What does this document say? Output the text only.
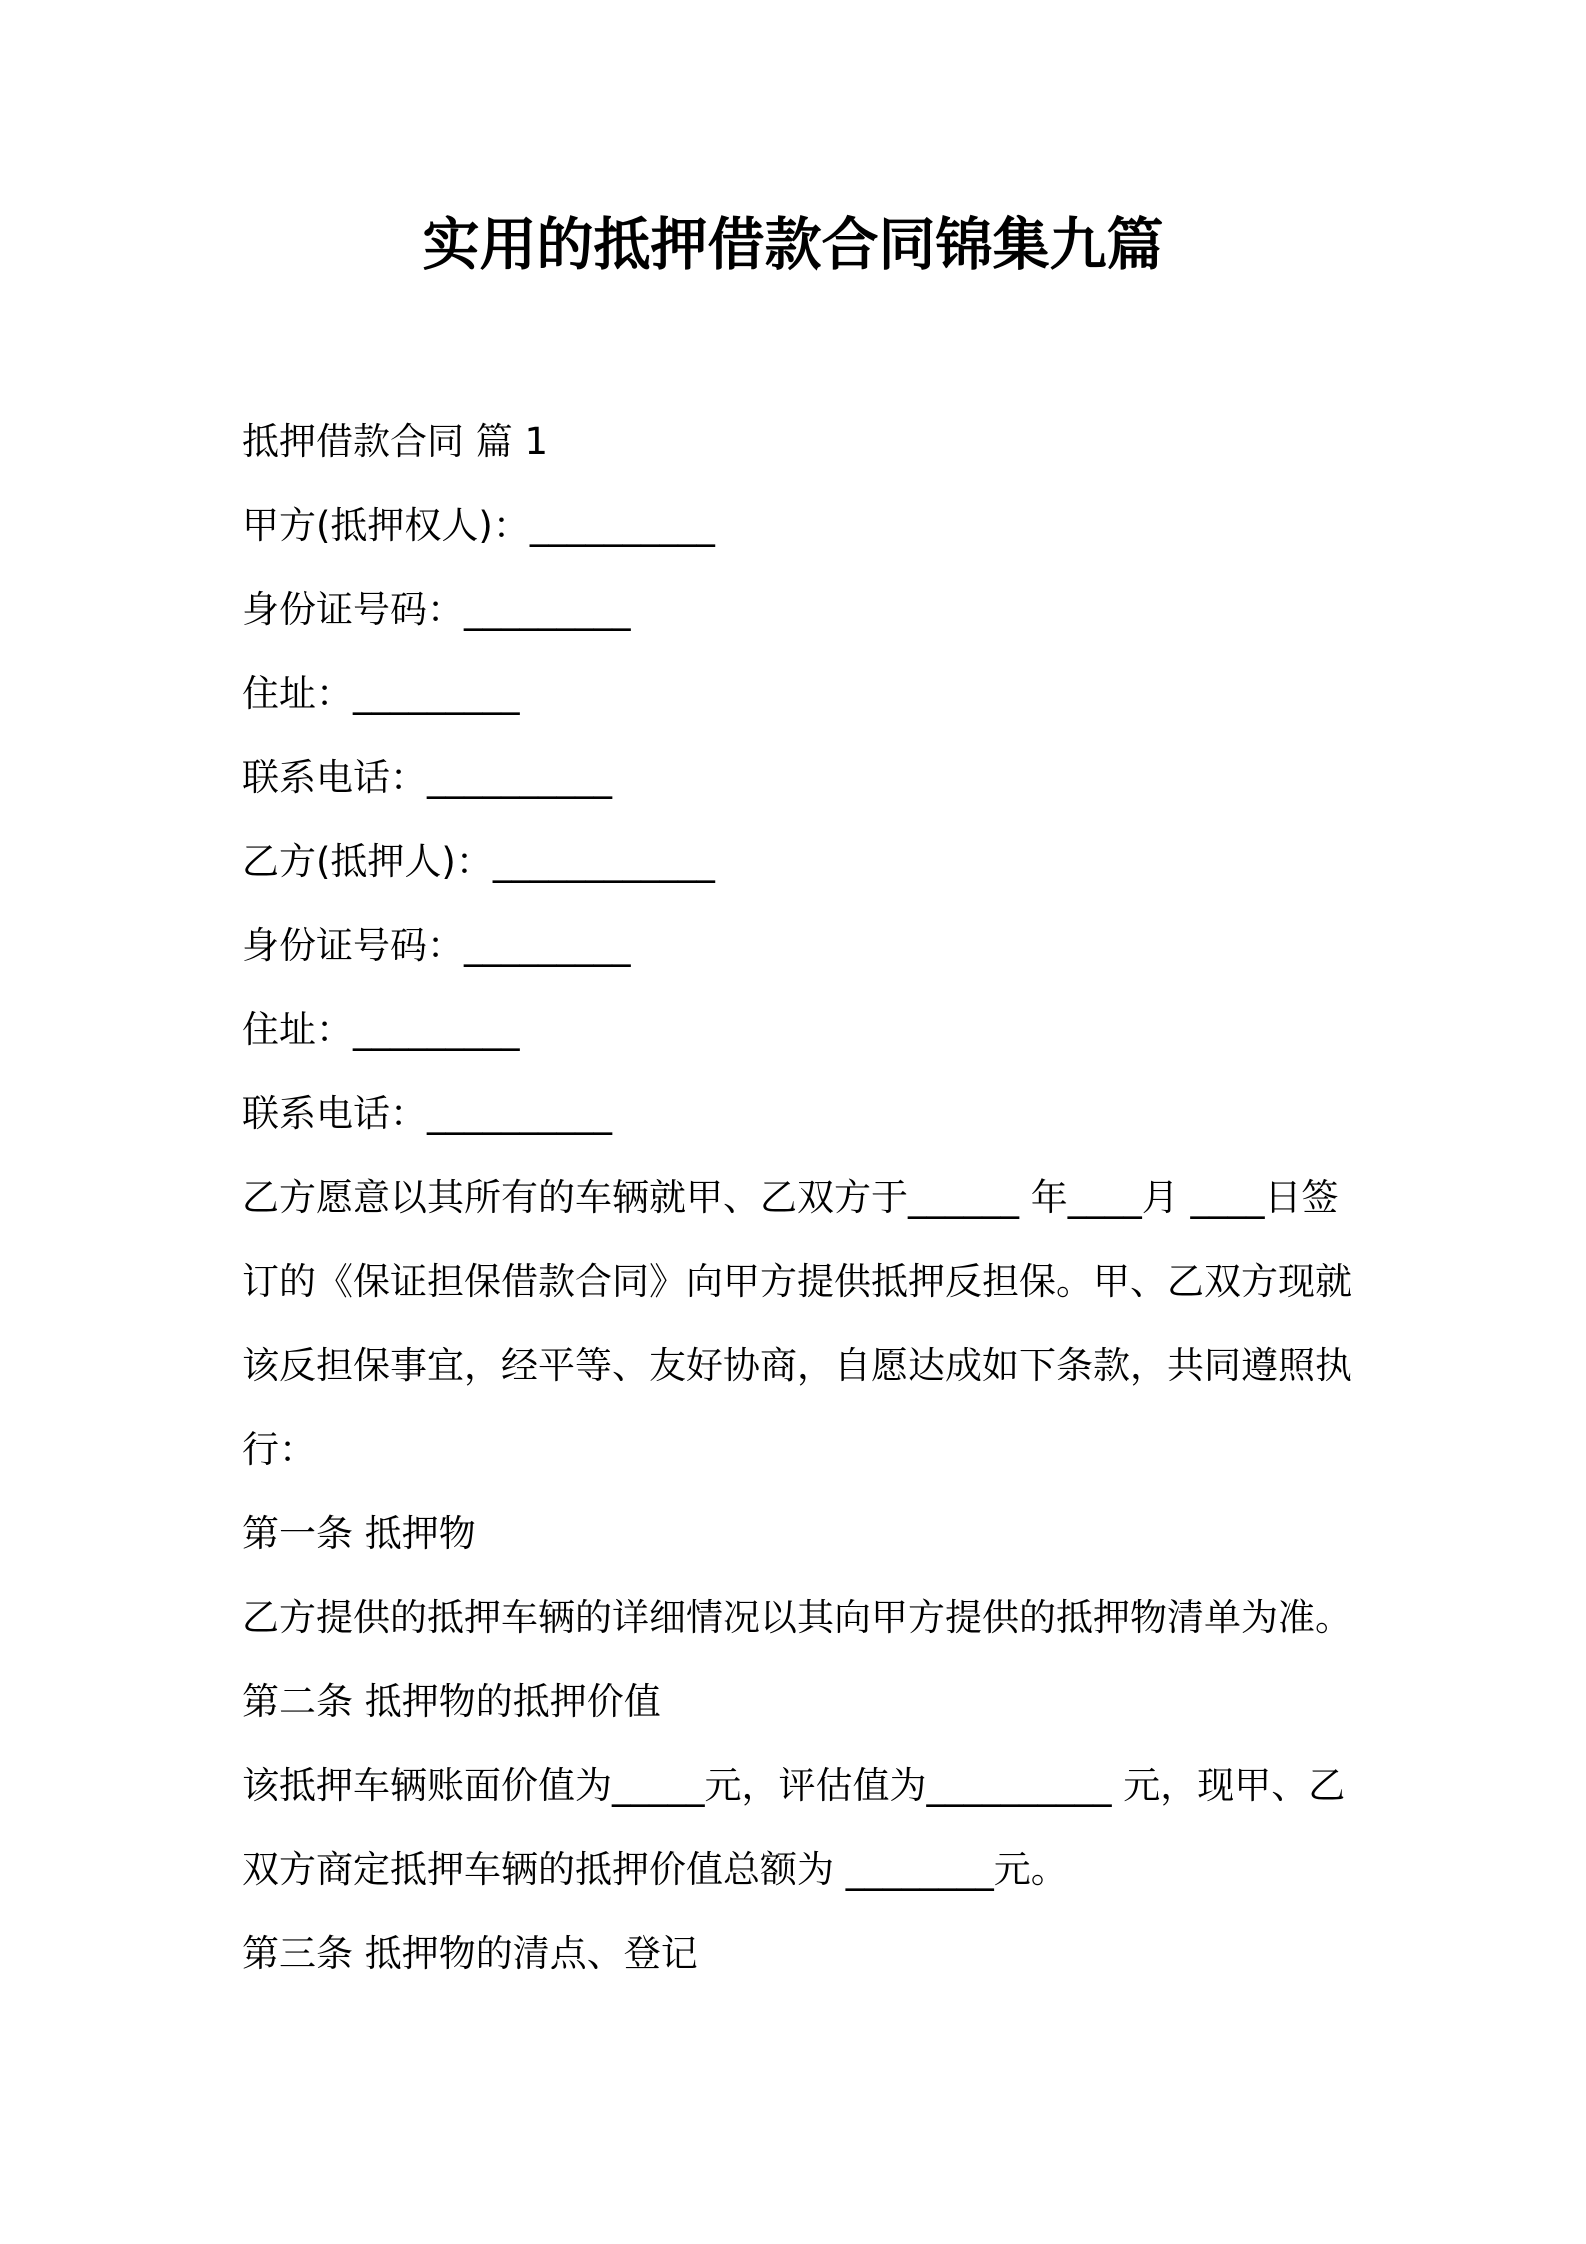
实用的抵押借款合同锦集九篇
抵押借款合同 篇 1
甲方(抵押权人)：__________
身份证号码：_________
住址：_________
联系电话：__________
乙方(抵押人)：____________
身份证号码：_________
住址：_________
联系电话：__________
乙方愿意以其所有的车辆就甲、乙双方于______ 年____月 ____日签订的《保证担保借款合同》向甲方提供抵押反担保。甲、乙双方现就该反担保事宜，经平等、友好协商，自愿达成如下条款，共同遵照执行：
第一条 抵押物
乙方提供的抵押车辆的详细情况以其向甲方提供的抵押物清单为准。
第二条 抵押物的抵押价值
该抵押车辆账面价值为_____元，评估值为__________ 元，现甲、乙双方商定抵押车辆的抵押价值总额为 ________元。
第三条 抵押物的清点、登记
